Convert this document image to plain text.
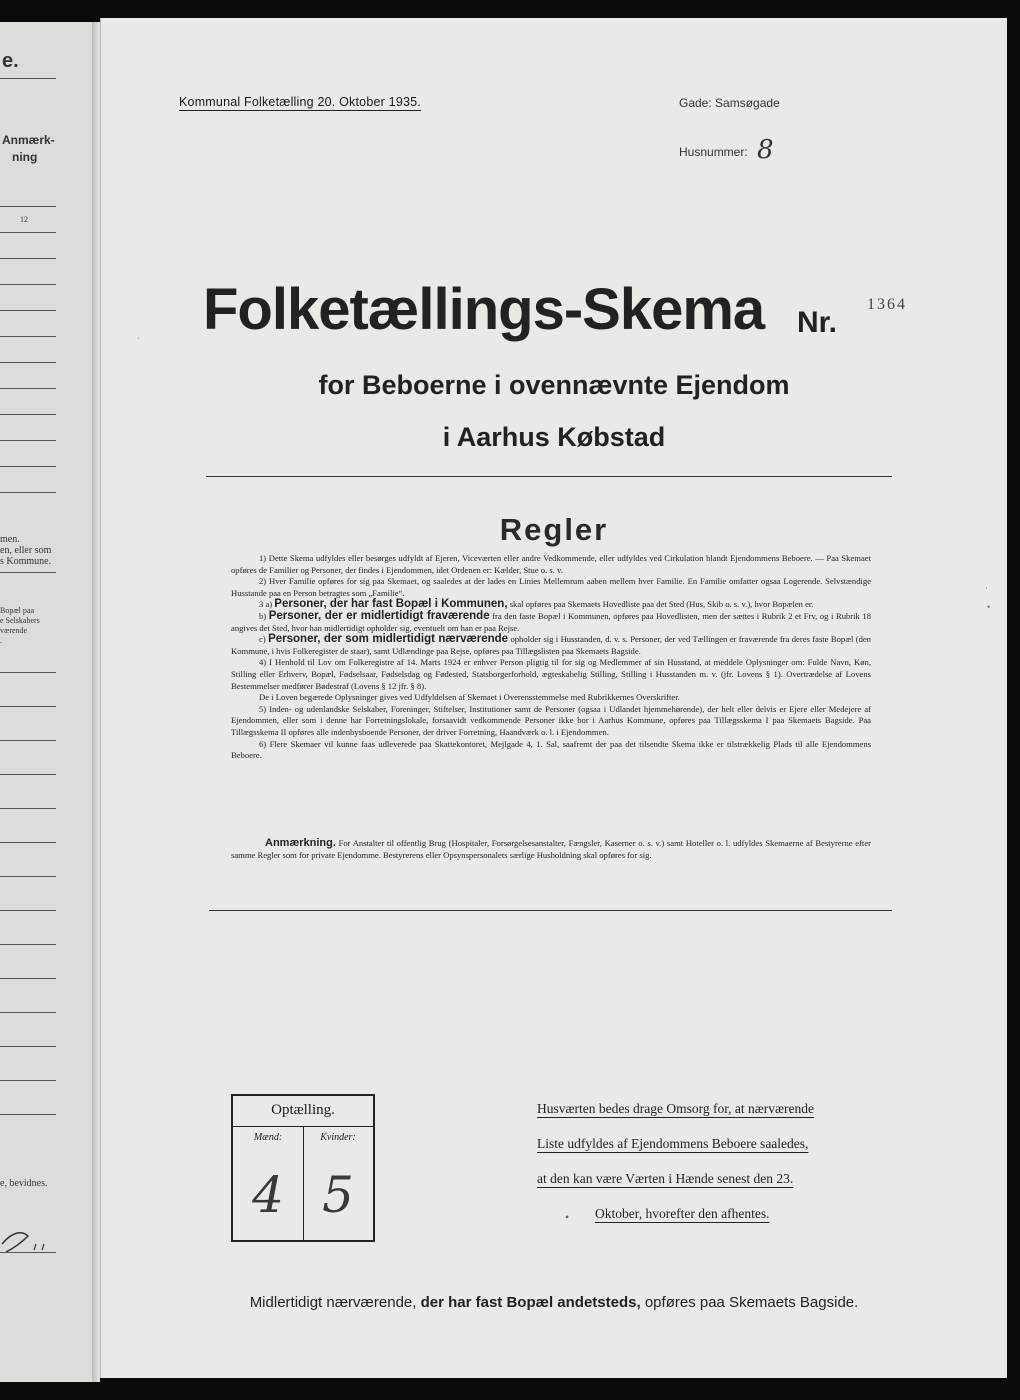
e.
Anmærk-
ning
12
men.
en, eller som
s Kommune.
Bopæl paa
e Selskabers
værende
.
e, bevidnes.
Kommunal Folketælling 20. Oktober 1935.	Gade: Samsøgade
Husnummer: 8
Folketællings-Skema Nr.
1364
for Beboerne i ovennævnte Ejendom
i Aarhus Købstad
Regler

1) Dette Skema udfyldes eller besørges udfyldt af Ejeren, Viceværten eller andre Vedkommende, eller udfyldes ved Cirkulation blandt Ejendommens Beboere. — Paa Skemaet opføres de Familier og Personer, der findes i Ejendommen, idet Ordenen er: Kælder, Stue o. s. v.

2) Hver Familie opføres for sig paa Skemaet, og saaledes at der lades en Linies Mellemrum aaben mellem hver Familie. En Familie omfatter ogsaa Logerende. Selvstændige Husstande paa en Person betragtes som „Familie“.

3 a) Personer, der har fast Bopæl i Kommunen, skal opføres paa Skemaets Hovedliste paa det Sted (Hus, Skib o. s. v.), hvor Bopælen er.

b) Personer, der er midlertidigt fraværende fra den faste Bopæl i Kommunen, opføres paa Hovedlisten, men der sættes i Rubrik 2 et Frv, og i Rubrik 18 angives det Sted, hvor han midlertidigt opholder sig, eventuelt om han er paa Rejse.

c) Personer, der som midlertidigt nærværende opholder sig i Husstanden, d. v. s. Personer, der ved Tællingen er fraværende fra deres faste Bopæl (den Kommune, i hvis Folkeregister de staar), samt Udlændinge paa Rejse, opføres paa Tillægslisten paa Skemaets Bagside.

4) I Henhold til Lov om Folkeregistre af 14. Marts 1924 er enhver Person pligtig til for sig og Medlemmer af sin Husstand, at meddele Oplysninger om: Fulde Navn, Køn, Stilling eller Erhverv, Bopæl, Fødselsaar, Fødselsdag og Fødested, Statsborgerforhold, ægteskabelig Stilling, Stilling i Husstanden m. v. (jfr. Lovens § 1). Overtrædelse af Lovens Bestemmelser medfører Bødestraf (Lovens § 12 jfr. § 8).

De i Loven begærede Oplysninger gives ved Udfyldelsen af Skemaet i Overensstemmelse med Rubrikkernes Overskrifter.

5) Inden- og udenlandske Selskaber, Foreninger, Stiftelser, Institutioner samt de Personer (ogsaa i Udlandet hjemmehørende), der helt eller delvis er Ejere eller Medejere af Ejendommen, eller som i denne har Forretningslokale, forsaavidt vedkommende Personer ikke bor i Aarhus Kommune, opføres paa Tillægsskema I paa Skemaets Bagside. Paa Tillægsskema II opføres alle indenbysboende Personer, der driver Forretning, Haandværk o. l. i Ejendommen.

6) Flere Skemaer vil kunne faas udleverede paa Skattekontoret, Mejlgade 4, 1. Sal, saafremt der paa det tilsendte Skema ikke er tilstrækkelig Plads til alle Ejendommens Beboere.

Anmærkning. For Anstalter til offentlig Brug (Hospitaler, Forsørgelsesanstalter, Fængsler, Kaserner o. s. v.) samt Hoteller o. l. udfyldes Skemaerne af Bestyrerne efter samme Regler som for private Ejendomme. Bestyrerens eller Opsynspersonalets særlige Husholdning skal opføres for sig.

Optælling.
Mænd:	Kvinder:
4 5
Husværten bedes drage Omsorg for, at nærværende
Liste udfyldes af Ejendommens Beboere saaledes,
at den kan være Værten i Hænde senest den 23.
Oktober, hvorefter den afhentes.
•
Midlertidigt nærværende, der har fast Bopæl andetsteds, opføres paa Skemaets Bagside.
ʾ
·
•
